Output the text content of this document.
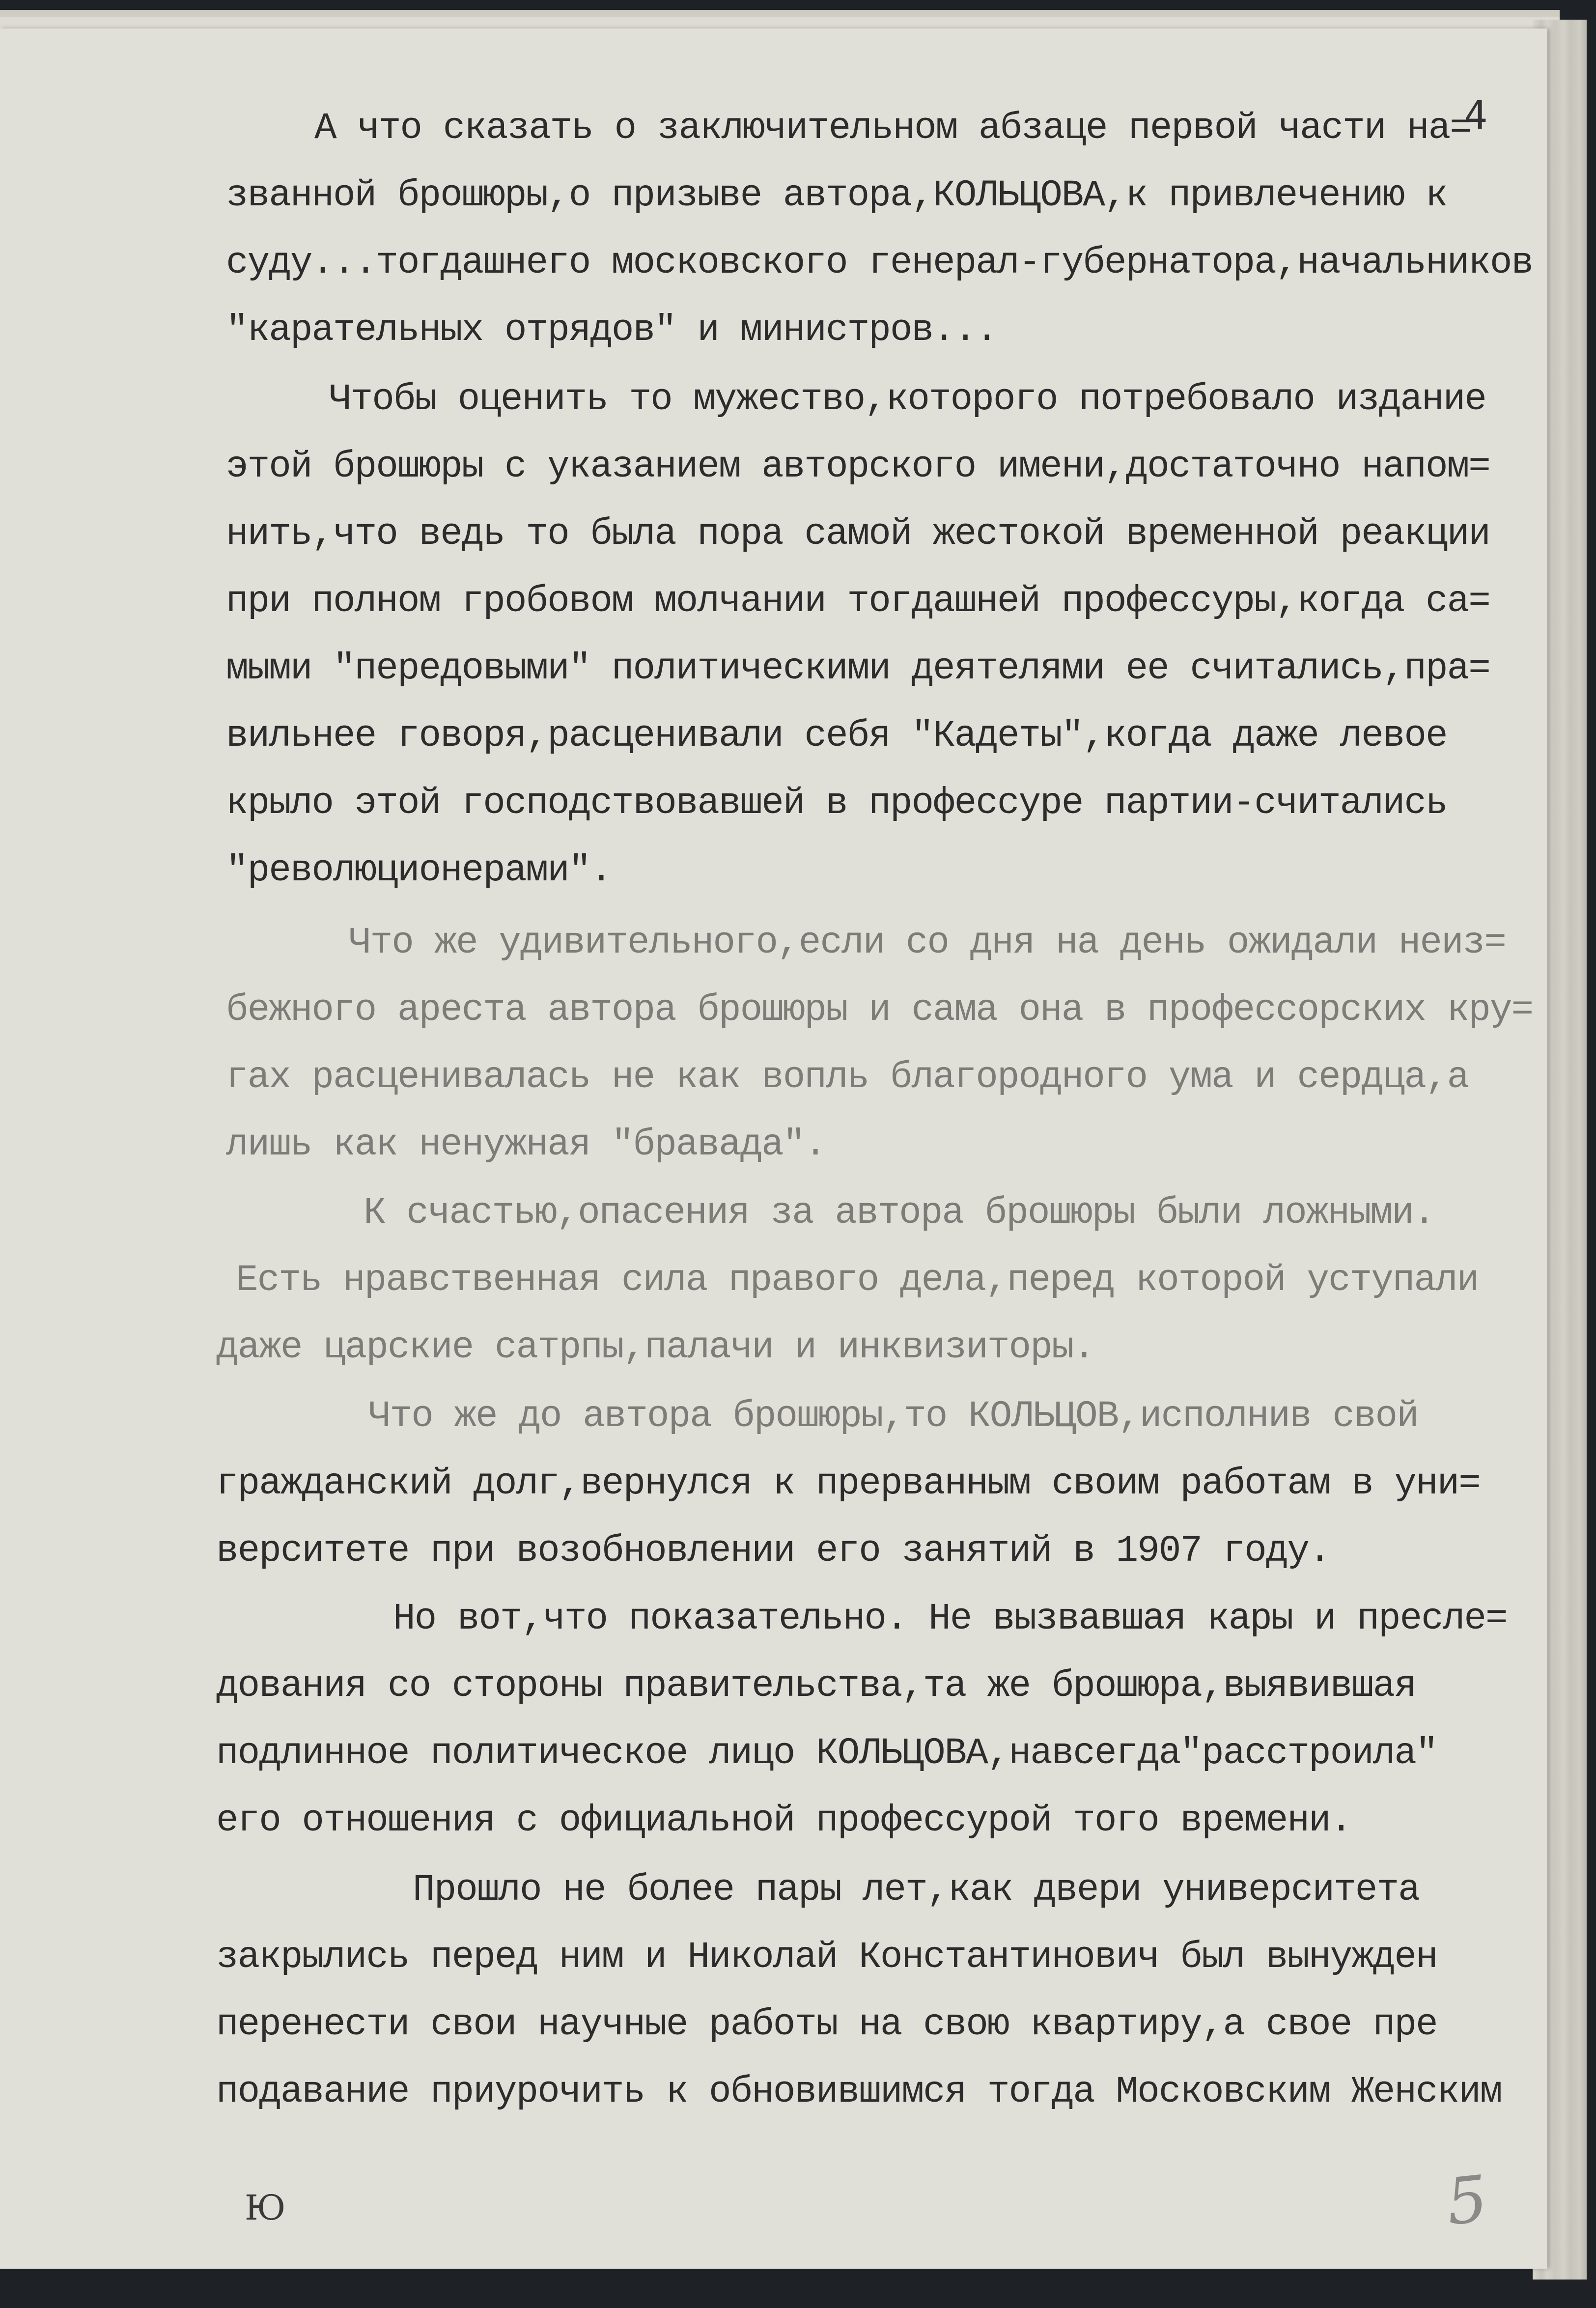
4
А что сказать о заключительном абзаце первой части на=
званной брошюры,о призыве автора,КОЛЬЦОВА,к привлечению к
суду...тогдашнего московского генерал-губернатора,начальников
"карательных отрядов" и министров...
Чтобы оценить то мужество,которого потребовало издание
этой брошюры с указанием авторского имени,достаточно напом=
нить,что ведь то была пора самой жестокой временной реакции
при полном гробовом молчании тогдашней профессуры,когда са=
мыми "передовыми" политическими деятелями ее считались,пра=
вильнее говоря,расценивали себя "Кадеты",когда даже левое
крыло этой господствовавшей в профессуре партии-считались
"революционерами".
Что же удивительного,если со дня на день ожидали неиз=
бежного ареста автора брошюры и сама она в профессорских кру=
гах расценивалась не как вопль благородного ума и сердца,а
лишь как ненужная "бравада".
К счастью,опасения за автора брошюры были ложными.
Есть нравственная сила правого дела,перед которой уступали
даже царские сатрпы,палачи и инквизиторы.
Что же до автора брошюры,то КОЛЬЦОВ,исполнив свой
гражданский долг,вернулся к прерванным своим работам в уни=
верситете при возобновлении его занятий в 1907 году.
Но вот,что показательно. Не вызвавшая кары и пресле=
дования со стороны правительства,та же брошюра,выявившая
подлинное политическое лицо КОЛЬЦОВА,навсегда"расстроила"
его отношения с официальной профессурой того времени.
Прошло не более пары лет,как двери университета
закрылись перед ним и Николай Константинович был вынужден
перенести свои научные работы на свою квартиру,а свое пре
подавание приурочить к обновившимся тогда Московским Женским
Ю	5
